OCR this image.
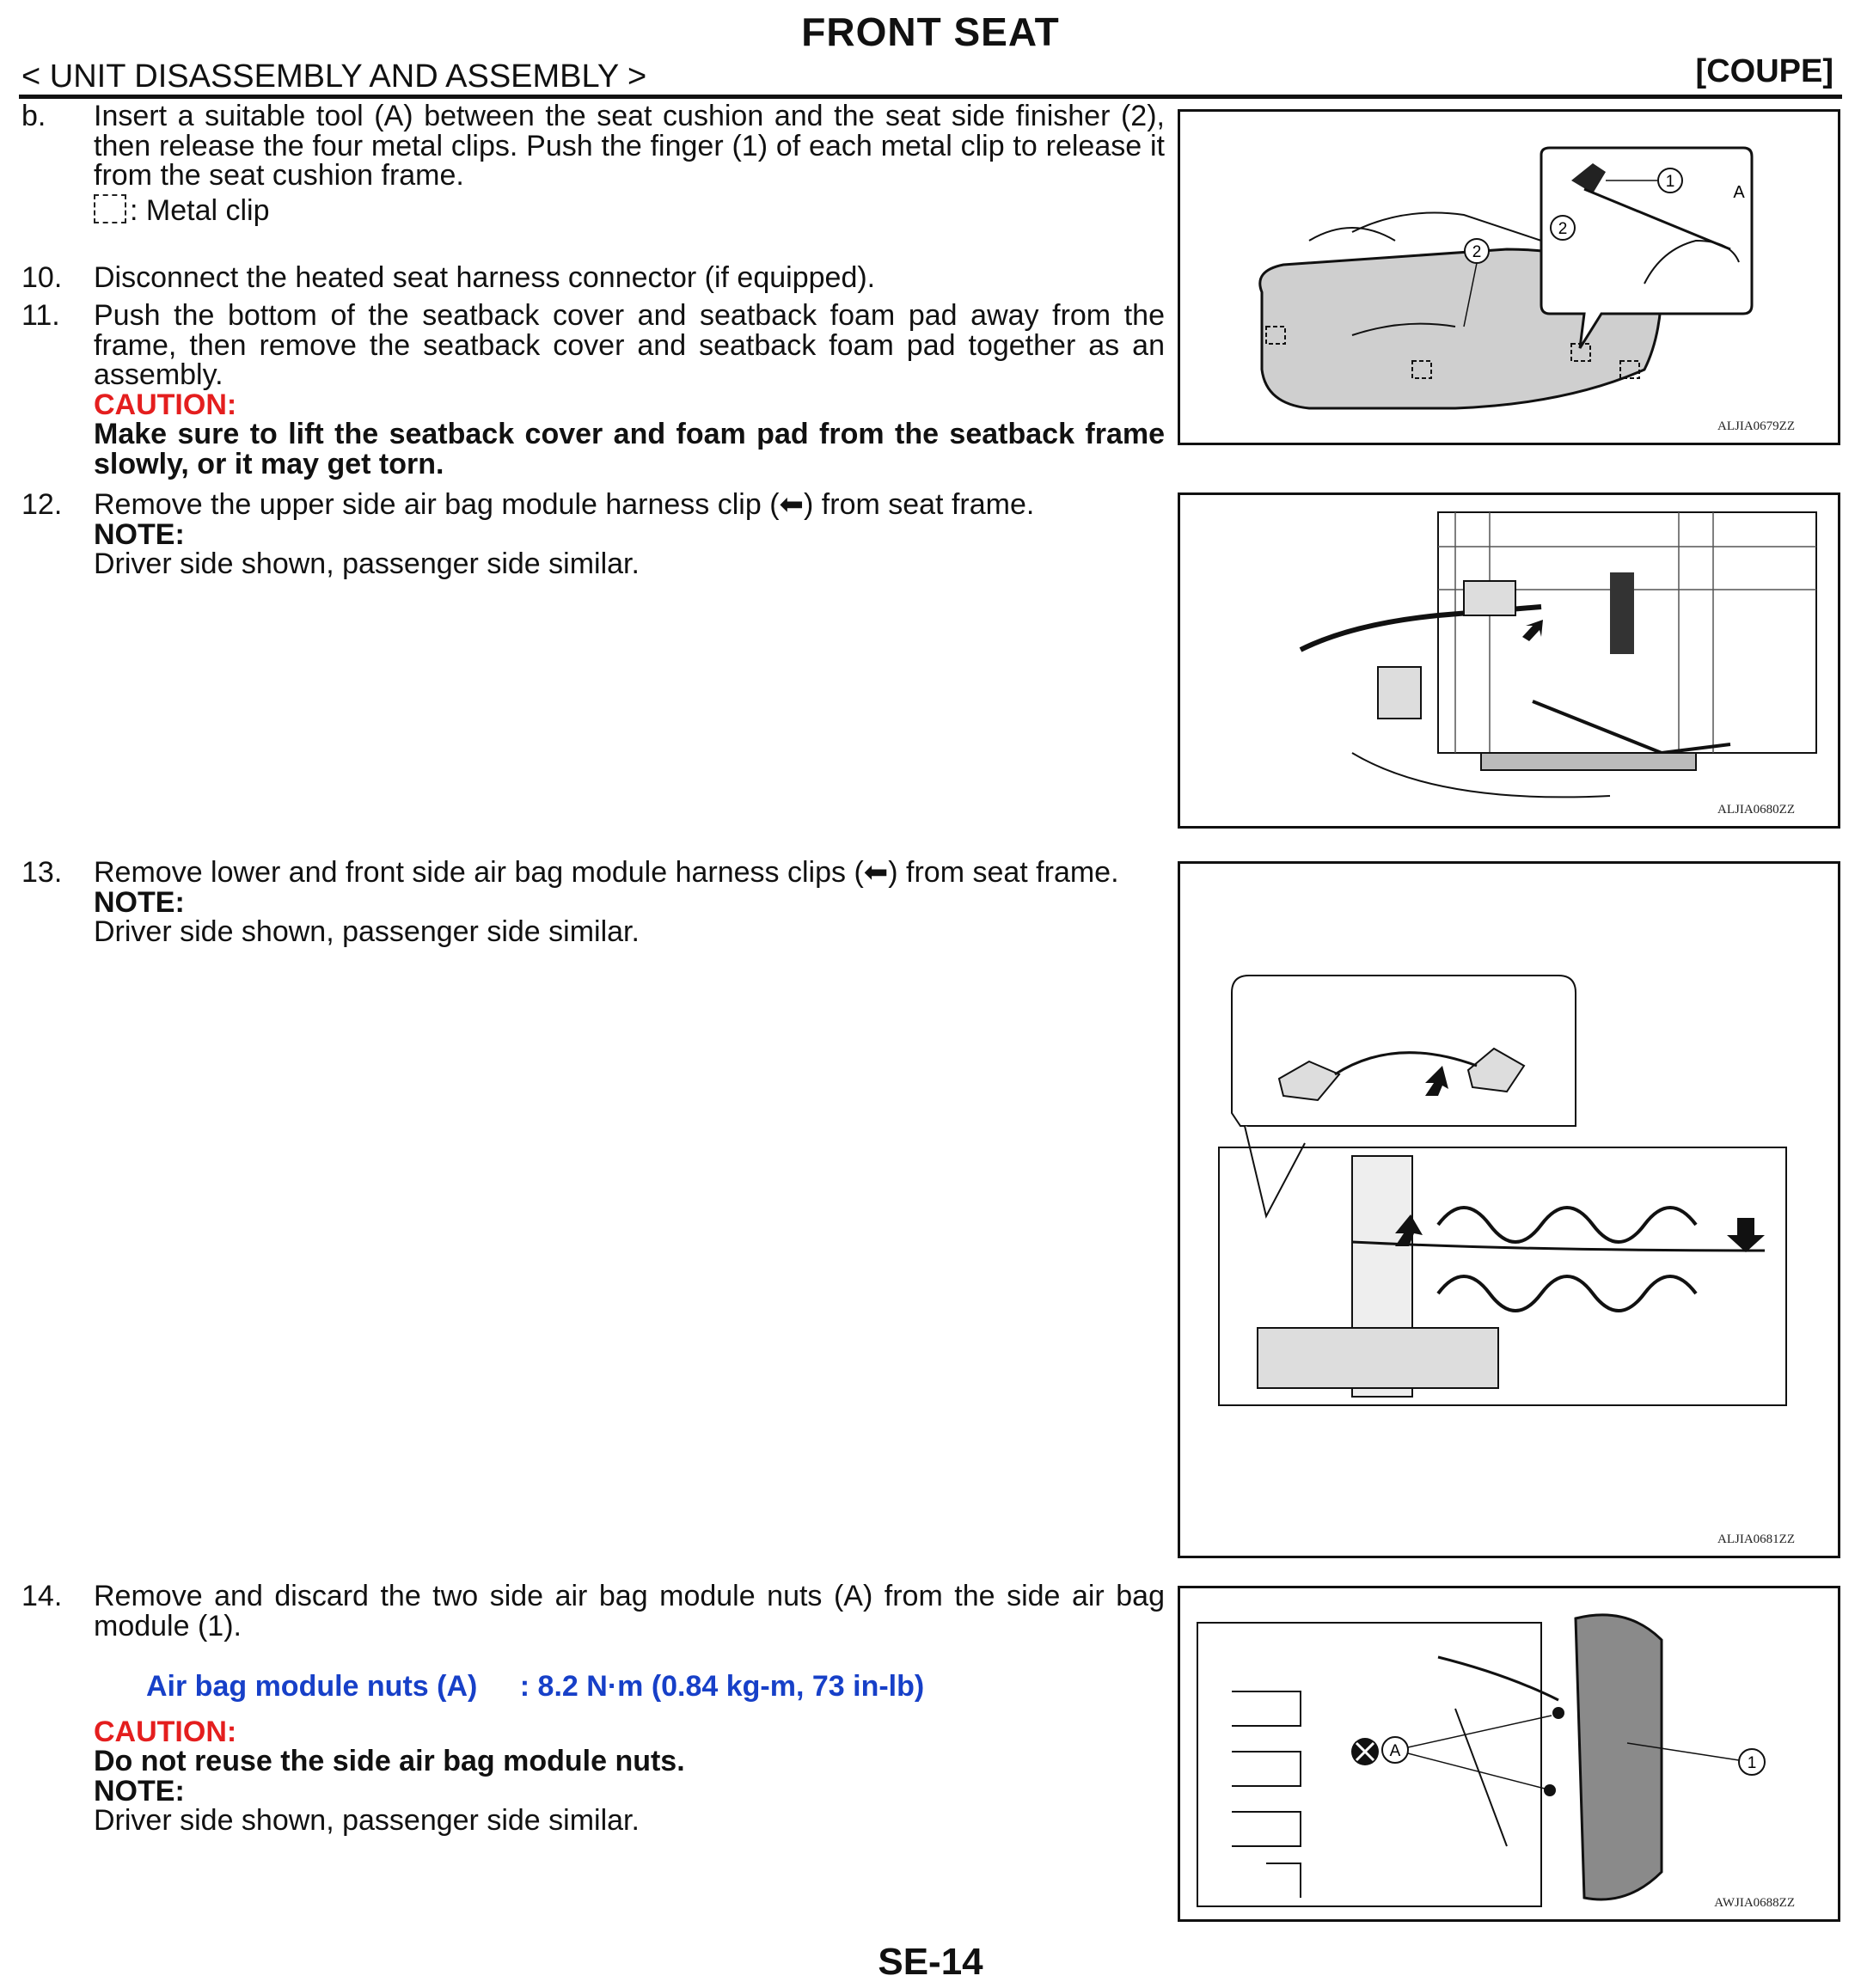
FRONT SEAT
< UNIT DISASSEMBLY AND ASSEMBLY >	[COUPE]
b. Insert a suitable tool (A) between the seat cushion and the seat side finisher (2), then release the four metal clips. Push the finger (1) of each metal clip to release it from the seat cushion frame.
: Metal clip
10. Disconnect the heated seat harness connector (if equipped).
11. Push the bottom of the seatback cover and seatback foam pad away from the frame, then remove the seatback cover and seatback foam pad together as an assembly.
CAUTION:
Make sure to lift the seatback cover and foam pad from the seatback frame slowly, or it may get torn.
12. Remove the upper side air bag module harness clip (⬅) from seat frame.
NOTE:
Driver side shown, passenger side similar.
13. Remove lower and front side air bag module harness clips (⬅) from seat frame.
NOTE:
Driver side shown, passenger side similar.
14. Remove and discard the two side air bag module nuts (A) from the side air bag module (1).
Air bag module nuts (A) : 8.2 N·m (0.84 kg-m, 73 in-lb)
CAUTION:
Do not reuse the side air bag module nuts.
NOTE:
Driver side shown, passenger side similar.
1
2
2
A
ALJIA0679ZZ
ALJIA0680ZZ
ALJIA0681ZZ
A
1
AWJIA0688ZZ
SE-14
